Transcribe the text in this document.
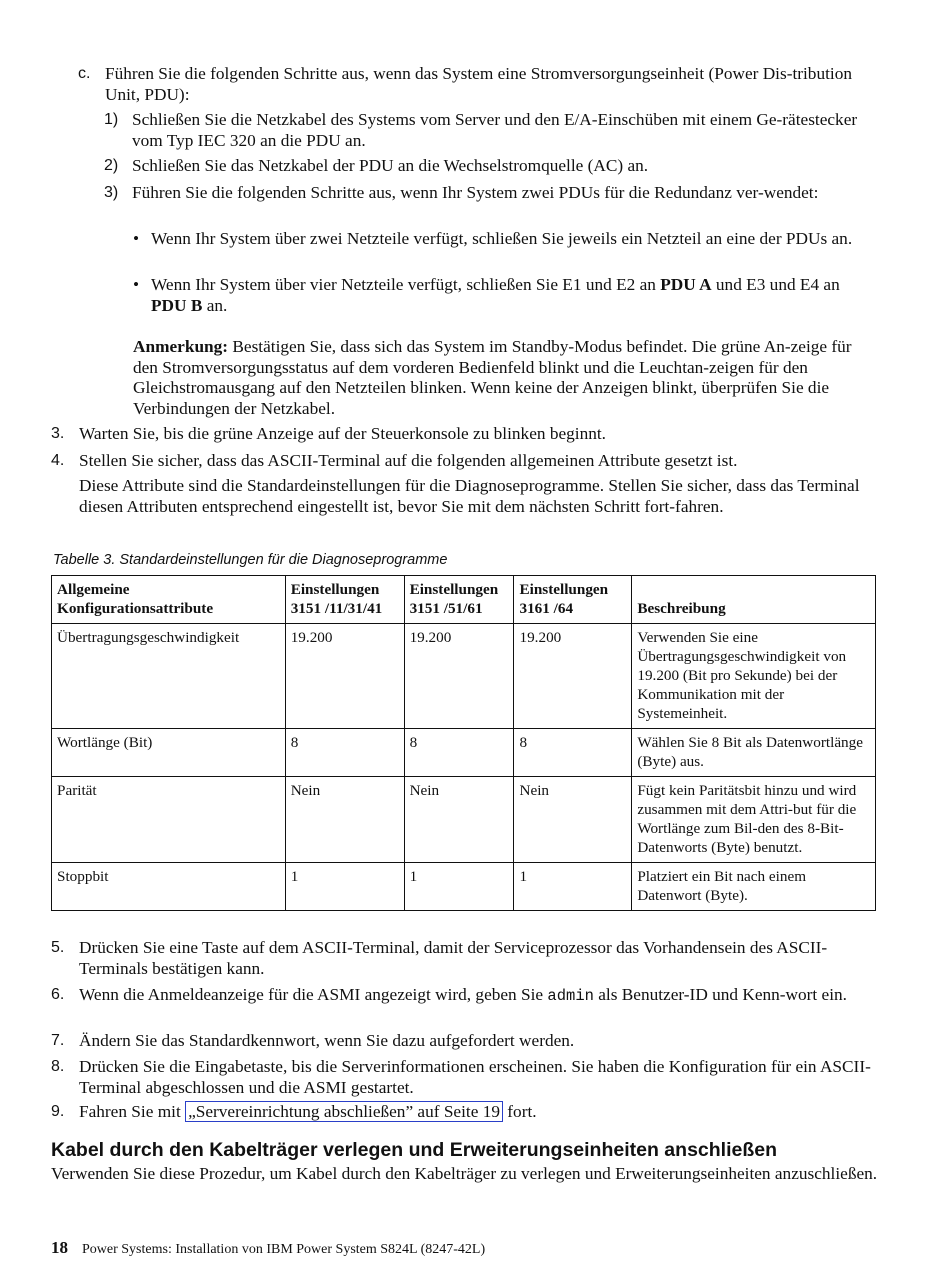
c. Führen Sie die folgenden Schritte aus, wenn das System eine Stromversorgungseinheit (Power Dis-tribution Unit, PDU):

1) Schließen Sie die Netzkabel des Systems vom Server und den E/A-Einschüben mit einem Ge-rätestecker vom Typ IEC 320 an die PDU an.

2) Schließen Sie das Netzkabel der PDU an die Wechselstromquelle (AC) an.

3) Führen Sie die folgenden Schritte aus, wenn Ihr System zwei PDUs für die Redundanz ver-wendet:

• Wenn Ihr System über zwei Netzteile verfügt, schließen Sie jeweils ein Netzteil an eine der PDUs an.

• Wenn Ihr System über vier Netzteile verfügt, schließen Sie E1 und E2 an PDU A und E3 und E4 an PDU B an.

Anmerkung: Bestätigen Sie, dass sich das System im Standby-Modus befindet. Die grüne An-zeige für den Stromversorgungsstatus auf dem vorderen Bedienfeld blinkt und die Leuchtan-zeigen für den Gleichstromausgang auf den Netzteilen blinken. Wenn keine der Anzeigen blinkt, überprüfen Sie die Verbindungen der Netzkabel.

3. Warten Sie, bis die grüne Anzeige auf der Steuerkonsole zu blinken beginnt.

4. Stellen Sie sicher, dass das ASCII-Terminal auf die folgenden allgemeinen Attribute gesetzt ist.

Diese Attribute sind die Standardeinstellungen für die Diagnoseprogramme. Stellen Sie sicher, dass das Terminal diesen Attributen entsprechend eingestellt ist, bevor Sie mit dem nächsten Schritt fort-fahren.

Tabelle 3. Standardeinstellungen für die Diagnoseprogramme
Allgemeine Konfigurationsattribute	Einstellungen 3151 /11/31/41	Einstellungen 3151 /51/61	Einstellungen 3161 /64	Beschreibung
Übertragungsgeschwindigkeit	19.200	19.200	19.200	Verwenden Sie eine Übertragungsgeschwindigkeit von 19.200 (Bit pro Sekunde) bei der Kommunikation mit der Systemeinheit.
Wortlänge (Bit)	8	8	8	Wählen Sie 8 Bit als Datenwortlänge (Byte) aus.
Parität	Nein	Nein	Nein	Fügt kein Paritätsbit hinzu und wird zusammen mit dem Attri-but für die Wortlänge zum Bil-den des 8-Bit-Datenworts (Byte) benutzt.
Stoppbit	1	1	1	Platziert ein Bit nach einem Datenwort (Byte).
5. Drücken Sie eine Taste auf dem ASCII-Terminal, damit der Serviceprozessor das Vorhandensein des ASCII-Terminals bestätigen kann.

6. Wenn die Anmeldeanzeige für die ASMI angezeigt wird, geben Sie admin als Benutzer-ID und Kenn-wort ein.

7. Ändern Sie das Standardkennwort, wenn Sie dazu aufgefordert werden.

8. Drücken Sie die Eingabetaste, bis die Serverinformationen erscheinen. Sie haben die Konfiguration für ein ASCII-Terminal abgeschlossen und die ASMI gestartet.

9. Fahren Sie mit „Servereinrichtung abschließen” auf Seite 19 fort.

Kabel durch den Kabelträger verlegen und Erweiterungseinheiten anschließen

Verwenden Sie diese Prozedur, um Kabel durch den Kabelträger zu verlegen und Erweiterungseinheiten anzuschließen.

18 Power Systems: Installation von IBM Power System S824L (8247-42L)
